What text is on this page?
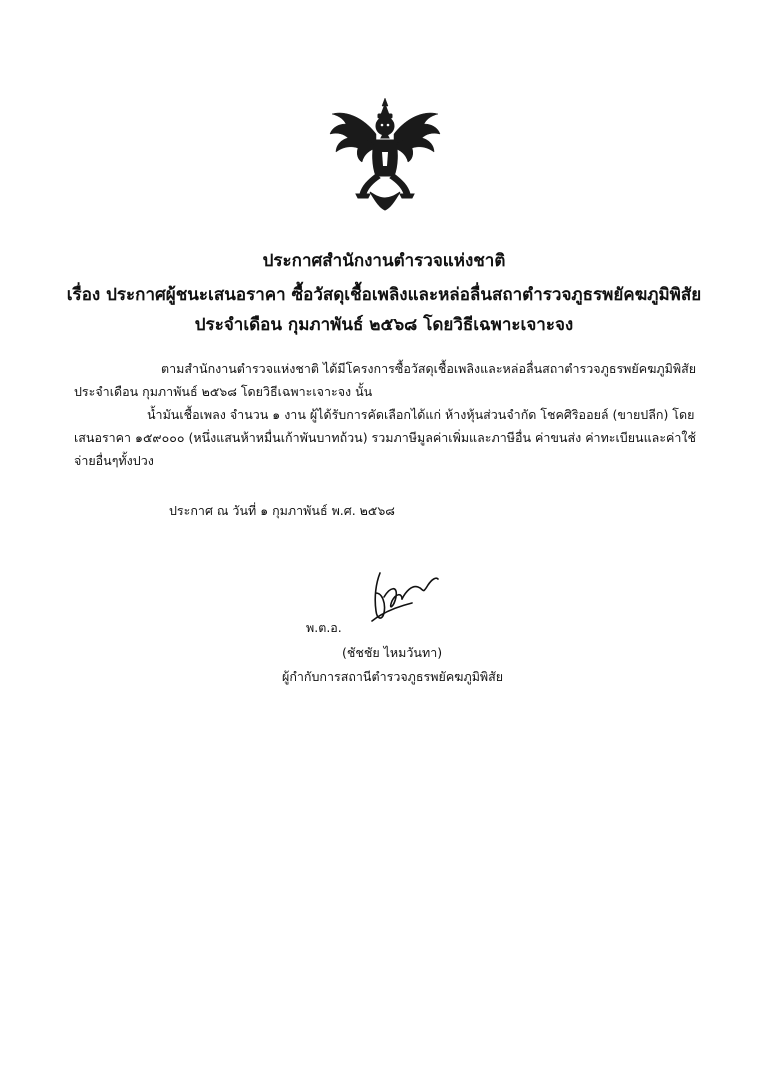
ประกาศสำนักงานตำรวจแห่งชาติ
เรื่อง ประกาศผู้ชนะเสนอราคา ซื้อวัสดุเชื้อเพลิงและหล่อลื่นสถาตำรวจภูธรพยัคฆภูมิพิสัย
ประจำเดือน กุมภาพันธ์ ๒๕๖๘ โดยวิธีเฉพาะเจาะจง
ตามสำนักงานตำรวจแห่งชาติ ได้มีโครงการซื้อวัสดุเชื้อเพลิงและหล่อลื่นสถาตำรวจภูธรพยัคฆภูมิพิสัย
ประจำเดือน กุมภาพันธ์ ๒๕๖๘ โดยวิธีเฉพาะเจาะจง นั้น
น้ำมันเชื้อเพลง จำนวน ๑ งาน ผู้ได้รับการคัดเลือกได้แก่ ห้างหุ้นส่วนจำกัด โชคศิริออยล์ (ขายปลีก) โดย
เสนอราคา ๑๕๙๐๐๐ (หนึ่งแสนห้าหมื่นเก้าพันบาทถ้วน) รวมภาษีมูลค่าเพิ่มและภาษีอื่น ค่าขนส่ง ค่าทะเบียนและค่าใช้
จ่ายอื่นๆทั้งปวง
ประกาศ ณ วันที่ ๑ กุมภาพันธ์ พ.ศ. ๒๕๖๘
พ.ต.อ.
(ชัชชัย ไหมวันทา)
ผู้กำกับการสถานีตำรวจภูธรพยัคฆภูมิพิสัย
